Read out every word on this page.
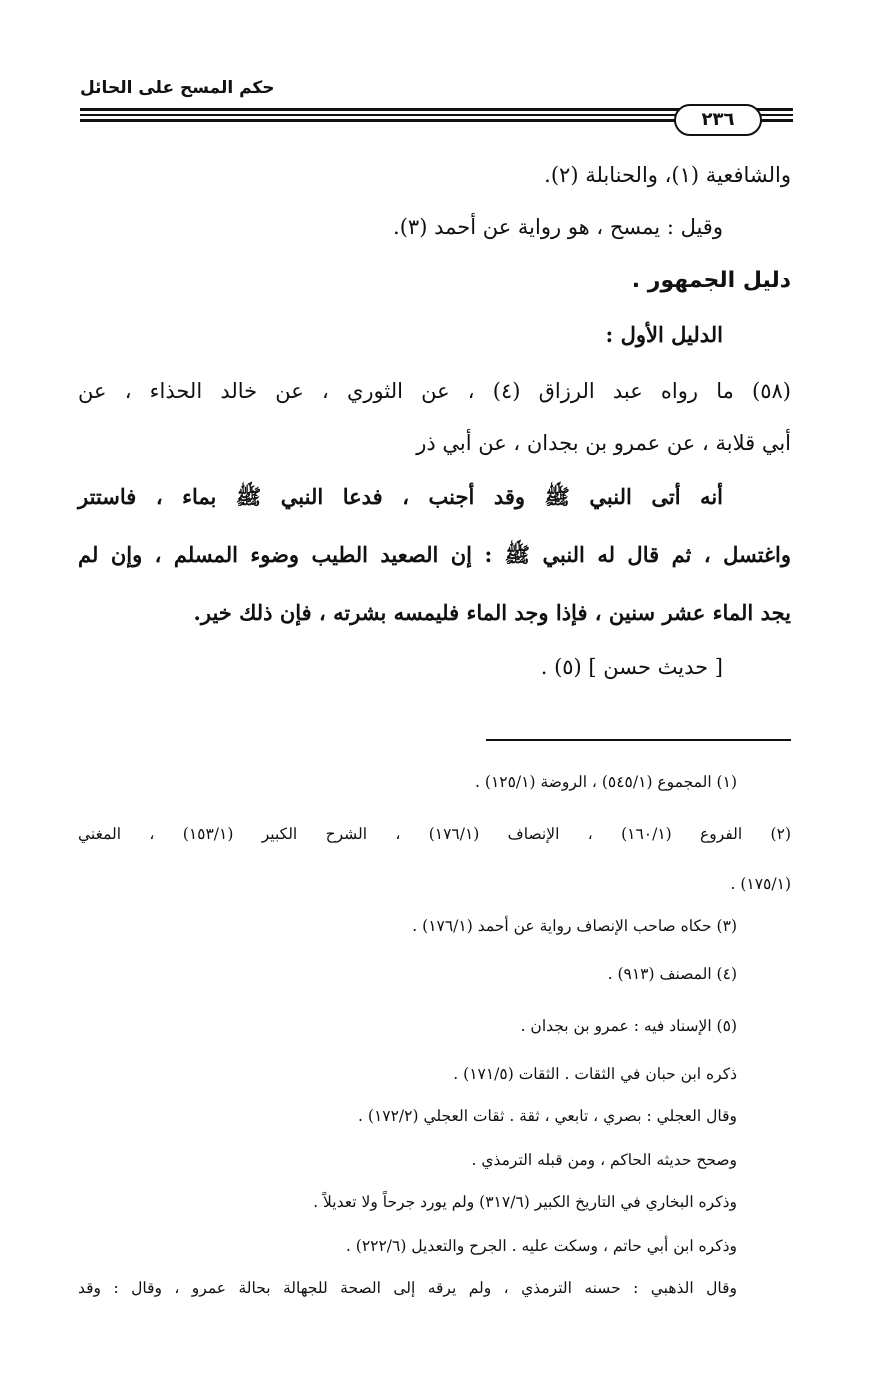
حكم المسح على الحائل
٢٣٦
والشافعية (١)، والحنابلة (٢).
وقيل : يمسح ، هو رواية عن أحمد (٣).
دليل الجمهور .
الدليل الأول :
(٥٨) ما رواه عبد الرزاق (٤) ، عن الثوري ، عن خالد الحذاء ، عن
أبي قلابة ، عن عمرو بن بجدان ، عن أبي ذر
أنه أتى النبي ﷺ وقد أجنب ، فدعا النبي ﷺ بماء ، فاستتر
واغتسل ، ثم قال له النبي ﷺ : إن الصعيد الطيب وضوء المسلم ، وإن لم
يجد الماء عشر سنين ، فإذا وجد الماء فليمسه بشرته ، فإن ذلك خير.
[ حديث حسن ] (٥) .
(١) المجموع (٥٤٥/١) ، الروضة (١٢٥/١) .
(٢) الفروع (١٦٠/١) ، الإنصاف (١٧٦/١) ، الشرح الكبير (١٥٣/١) ، المغني
(١٧٥/١) .
(٣) حكاه صاحب الإنصاف رواية عن أحمد (١٧٦/١) .
(٤) المصنف (٩١٣) .
(٥) الإسناد فيه : عمرو بن بجدان .
ذكره ابن حبان في الثقات . الثقات (١٧١/٥) .
وقال العجلي : بصري ، تابعي ، ثقة . ثقات العجلي (١٧٢/٢) .
وصحح حديثه الحاكم ، ومن قبله الترمذي .
وذكره البخاري في التاريخ الكبير (٣١٧/٦) ولم يورد جرحاً ولا تعديلاً .
وذكره ابن أبي حاتم ، وسكت عليه . الجرح والتعديل (٢٢٢/٦) .
وقال الذهبي : حسنه الترمذي ، ولم يرقه إلى الصحة للجهالة بحالة عمرو ، وقال : وقد
